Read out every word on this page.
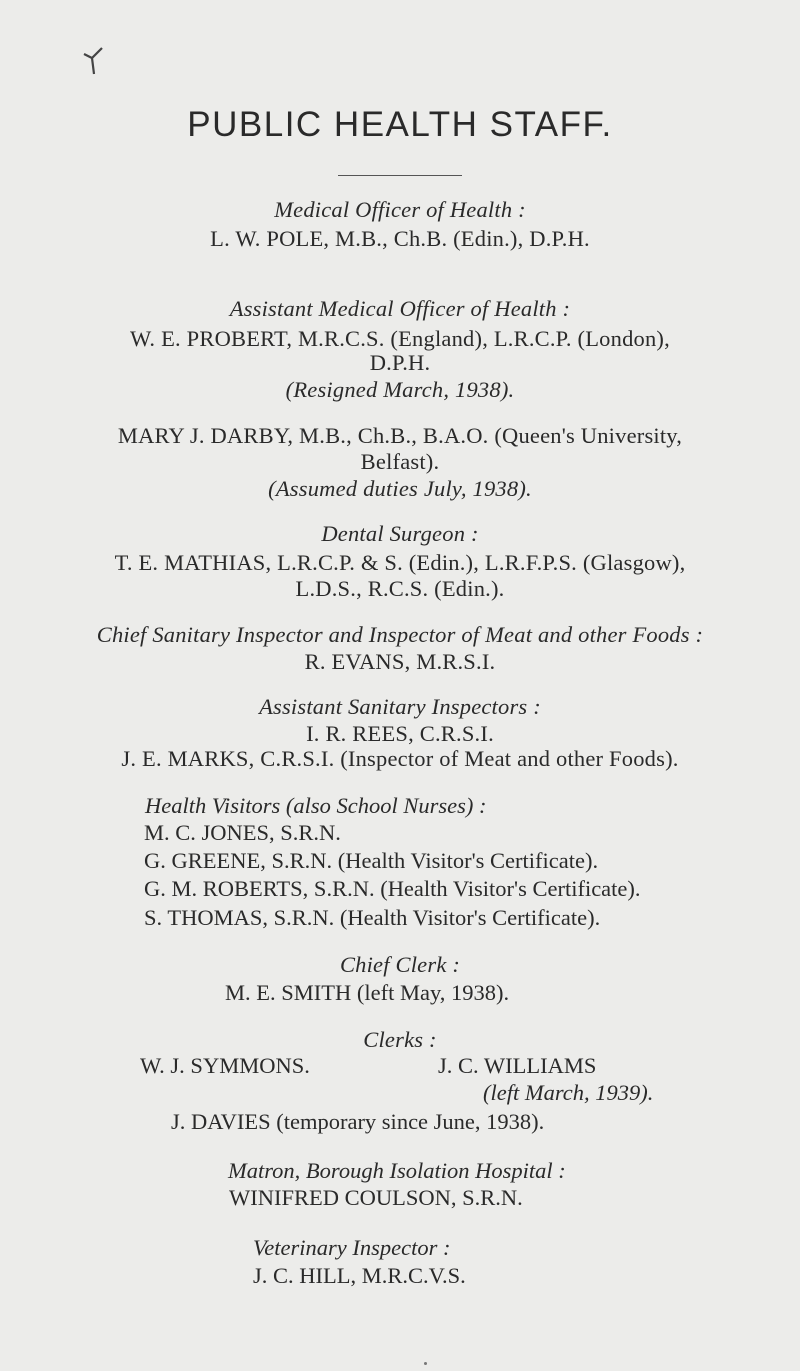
PUBLIC HEALTH STAFF.
Medical Officer of Health :
L. W. POLE, M.B., Ch.B. (Edin.), D.P.H.
Assistant Medical Officer of Health :
W. E. PROBERT, M.R.C.S. (England), L.R.C.P. (London),
D.P.H.
(Resigned March, 1938).
MARY J. DARBY, M.B., Ch.B., B.A.O. (Queen's University,
Belfast).
(Assumed duties July, 1938).
Dental Surgeon :
T. E. MATHIAS, L.R.C.P. & S. (Edin.), L.R.F.P.S. (Glasgow),
L.D.S., R.C.S. (Edin.).
Chief Sanitary Inspector and Inspector of Meat and other Foods :
R. EVANS, M.R.S.I.
Assistant Sanitary Inspectors :
I. R. REES, C.R.S.I.
J. E. MARKS, C.R.S.I. (Inspector of Meat and other Foods).
Health Visitors (also School Nurses) :
M. C. JONES, S.R.N.
G. GREENE, S.R.N. (Health Visitor's Certificate).
G. M. ROBERTS, S.R.N. (Health Visitor's Certificate).
S. THOMAS, S.R.N. (Health Visitor's Certificate).
Chief Clerk :
M. E. SMITH (left May, 1938).
Clerks :
W. J. SYMMONS.	J. C. WILLIAMS
(left March, 1939).
J. DAVIES (temporary since June, 1938).
Matron, Borough Isolation Hospital :
WINIFRED COULSON, S.R.N.
Veterinary Inspector :
J. C. HILL, M.R.C.V.S.
